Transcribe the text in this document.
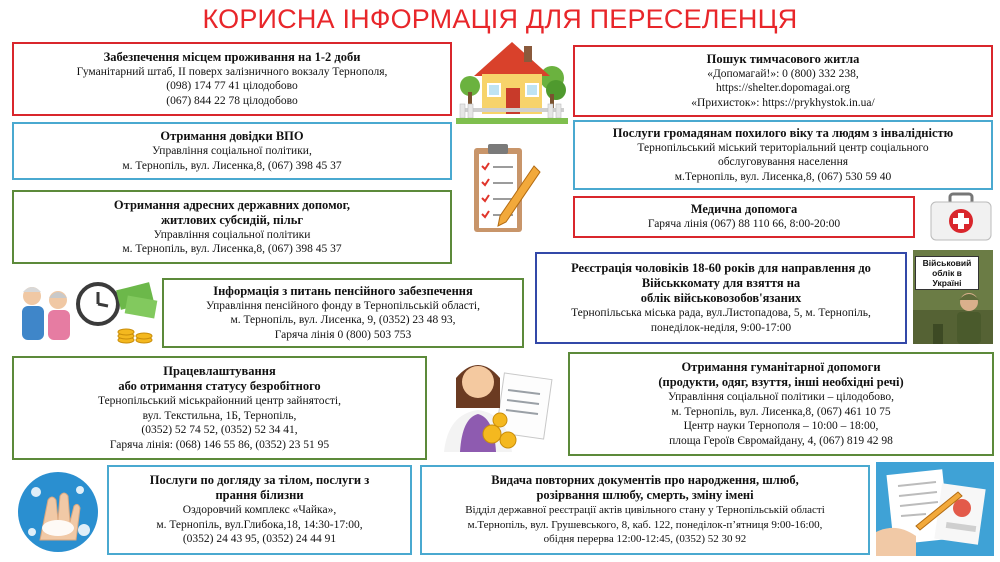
КОРИСНА ІНФОРМАЦІЯ ДЛЯ ПЕРЕСЕЛЕНЦЯ
Забезпечення місцем проживання на 1-2 доби
Гуманітарний штаб, ІІ поверх залізничного вокзалу Тернополя,
(098) 174 77 41 цілодобово
(067) 844 22 78 цілодобово
Пошук тимчасового житла
«Допомагай!»: 0 (800) 332 238,
https://shelter.dopomagai.org
«Прихисток»: https://prykhystok.in.ua/
Отримання довідки ВПО
Управління соціальної політики,
м. Тернопіль, вул. Лисенка,8, (067) 398 45 37
Послуги громадянам похилого віку та людям з інвалідністю
Тернопільський міський територіальний центр соціального
обслуговування населення
м.Тернопіль, вул. Лисенка,8, (067) 530 59 40
Отримання адресних державних допомог,
житлових субсидій, пільг
Управління соціальної політики
м. Тернопіль, вул. Лисенка,8, (067) 398 45 37
Медична допомога
Гаряча лінія (067) 88 110 66, 8:00-20:00
Реєстрація чоловіків 18-60 років для направлення до
Військкомату для взяття на
облік військовозобов'язаних
Тернопільська міська рада, вул.Листопадова, 5, м. Тернопіль,
понеділок-неділя, 9:00-17:00
Інформація з питань пенсійного забезпечення
Управління пенсійного фонду в Тернопільській області,
м. Тернопіль, вул. Лисенка, 9, (0352) 23 48 93,
Гаряча лінія 0 (800) 503 753
Працевлаштування
або отримання статусу безробітного
Тернопільський міськрайонний центр зайнятості,
вул. Текстильна, 1Б, Тернопіль,
(0352) 52 74 52, (0352) 52 34 41,
Гаряча лінія: (068) 146 55 86, (0352) 23 51 95
Отримання гуманітарної допомоги
(продукти, одяг, взуття, інші необхідні речі)
Управління соціальної політики – цілодобово,
м. Тернопіль, вул. Лисенка,8, (067) 461 10 75
Центр науки Тернополя – 10:00 – 18:00,
площа Героїв Євромайдану, 4, (067) 819 42 98
Послуги по догляду за тілом, послуги з
прання білизни
Оздоровчий комплекс «Чайка»,
м. Тернопіль, вул.Глибока,18, 14:30-17:00,
(0352) 24 43 95, (0352) 24 44 91
Видача повторних документів про народження, шлюб,
розірвання шлюбу, смерть, зміну імені
Відділ державної реєстрації актів цивільного стану у Тернопільській області
м.Тернопіль, вул. Грушевського, 8, каб. 122, понеділок-пʼятниця 9:00-16:00,
обідня перерва 12:00-12:45, (0352) 52 30 92
Військовий
облік в Україні
